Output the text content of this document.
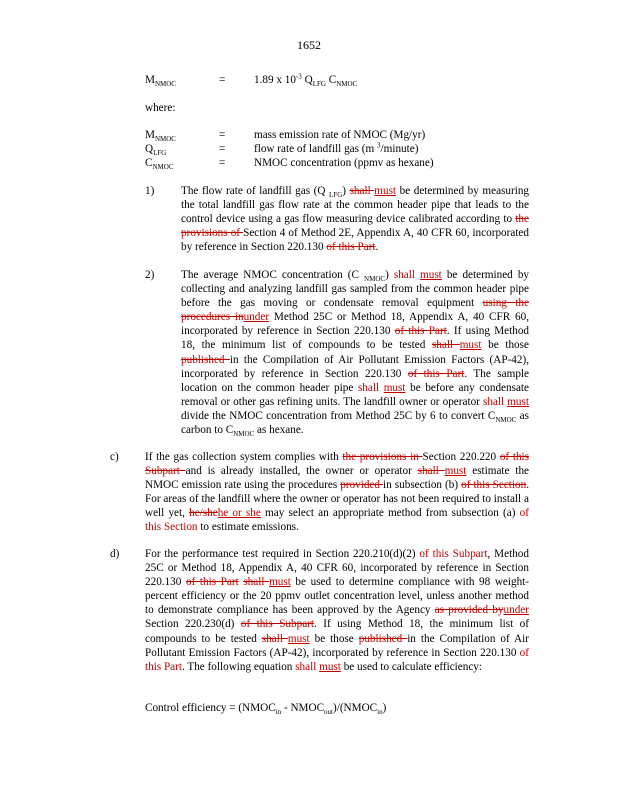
1652
$M_{NMOC}$	=	1.89 x $10^{-3}$ $Q_{LFG}$ $C_{NMOC}$
where:
$M_{NMOC}$	=	mass emission rate of NMOC (Mg/yr)
$Q_{LFG}$	=	flow rate of landfill gas (m $^3$/minute)
$C_{NMOC}$	=	NMOC concentration (ppmv as hexane)
1) The flow rate of landfill gas (Q $_{LFG}$) shall must be determined by measuring the total landfill gas flow rate at the common header pipe that leads to the control device using a gas flow measuring device calibrated according to the provisions of Section 4 of Method 2E, Appendix A, 40 CFR 60, incorporated by reference in Section 220.130 of this Part.
2) The average NMOC concentration (C $_{NMOC}$) shall must be determined by collecting and analyzing landfill gas sampled from the common header pipe before the gas moving or condensate removal equipment using the procedures inunder Method 25C or Method 18, Appendix A, 40 CFR 60, incorporated by reference in Section 220.130 of this Part. If using Method 18, the minimum list of compounds to be tested shall must be those published in the Compilation of Air Pollutant Emission Factors (AP-42), incorporated by reference in Section 220.130 of this Part. The sample location on the common header pipe shall must be before any condensate removal or other gas refining units. The landfill owner or operator shall must divide the NMOC concentration from Method 25C by 6 to convert $C_{NMOC}$ as carbon to $C_{NMOC}$ as hexane.
c) If the gas collection system complies with the provisions in Section 220.220 of this Subpart and is already installed, the owner or operator shall must estimate the NMOC emission rate using the procedures provided in subsection (b) of this Section. For areas of the landfill where the owner or operator has not been required to install a well yet, he/shehe or she may select an appropriate method from subsection (a) of this Section to estimate emissions.
d) For the performance test required in Section 220.210(d)(2) of this Subpart, Method 25C or Method 18, Appendix A, 40 CFR 60, incorporated by reference in Section 220.130 of this Part shall must be used to determine compliance with 98 weight-percent efficiency or the 20 ppmv outlet concentration level, unless another method to demonstrate compliance has been approved by the Agency as provided byunder Section 220.230(d) of this Subpart. If using Method 18, the minimum list of compounds to be tested shall must be those published in the Compilation of Air Pollutant Emission Factors (AP-42), incorporated by reference in Section 220.130 of this Part. The following equation shall must be used to calculate efficiency:
Control efficiency = ($NMOC_{in}$ - $NMOC_{out})/(NMOC_{in})$
